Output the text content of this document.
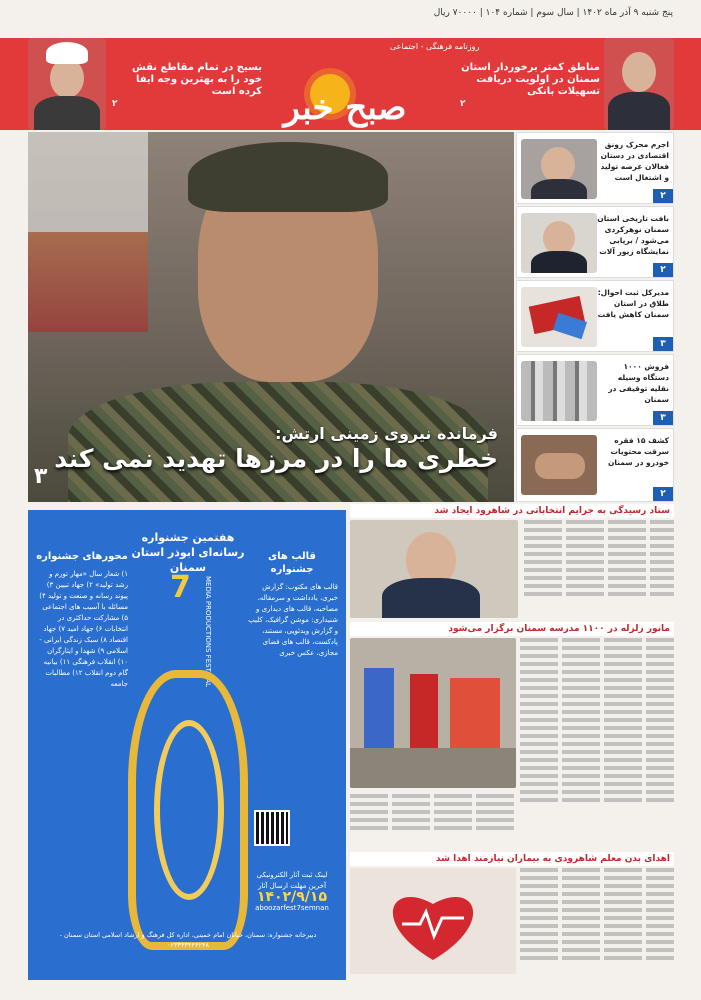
پنج شنبه ۹ آذر ماه ۱۴۰۲ | سال سوم | شماره ۱۰۴ | ۷۰۰۰۰ ریال
روزنامه فرهنگی - اجتماعی
صبح خبر
بسیج در تمام مقاطع نقش خود را به بهترین وجه ایفا کرده است
۲
مناطق کمتر برخوردار استان سمنان در اولویت دریافت تسهیلات بانکی
۲
فرمانده نیروی زمینی ارتش:
خطری ما را در مرزها تهدید نمی کند
۳
اجرم محرک رونق اقتصادی در دستان فعالان عرصه تولید و اشتغال است
۲
بافت تاریخی استان سمنان نوهرکردی می‌شود / برپایی نمایشگاه زیور آلات
۲
مدیرکل ثبت احوال: طلاق در استان سمنان کاهش یافت
۳
فروش ۱۰۰۰ دستگاه وسیله نقلیه توقیفی در سمنان
۳
کشف ۱۵ فقره سرقت محتویات خودرو در سمنان
۲
محورهای جشنواره
۱) شعار سال «مهار تورم و رشد تولید» ۲) جهاد تبیین ۳) پیوند رسانه و صنعت و تولید ۴) مسائله با آسیب های اجتماعی ۵) مشارکت حداکثری در انتخابات ۶) جهاد امید ۷) جهاد اقتصاد ۸) سبک زندگی ایرانی - اسلامی ۹) شهدا و ایثارگران ۱۰) انقلاب فرهنگی ۱۱) بیانیه گام دوم انقلاب ۱۲) مطالبات جامعه
هفتمین جشنواره رسانه‌ای ابوذر استان سمنان
7 MEDIA PRODUCTIONS FESTIVAL
قالب های جشنواره
قالب های مکتوب: گزارش خبری، یادداشت و سرمقاله، مصاحبه، قالب های دیداری و شنیداری: موشن گرافیک، کلیپ و گزارش ویدئویی، مستند، پادکست، قالب های فضای مجازی، عکس خبری
لینک ثبت آثار الکترونیکی
آخرین مهلت ارسال آثار
۱۴۰۲/۹/۱۵
aboozarfest7semnan
دبیرخانه جشنواره: سمنان، خیابان امام خمینی، اداره کل فرهنگ و ارشاد اسلامی استان سمنان - ۰۲۳۳۳۳۴۴۴۲۴۸
ستاد رسیدگی به جرایم انتخاباتی در شاهرود ایجاد شد
مانور زلزله در ۱۱۰۰ مدرسه سمنان برگزار می‌شود
اهدای بدن معلم شاهرودی به بیماران نیازمند اهدا شد
